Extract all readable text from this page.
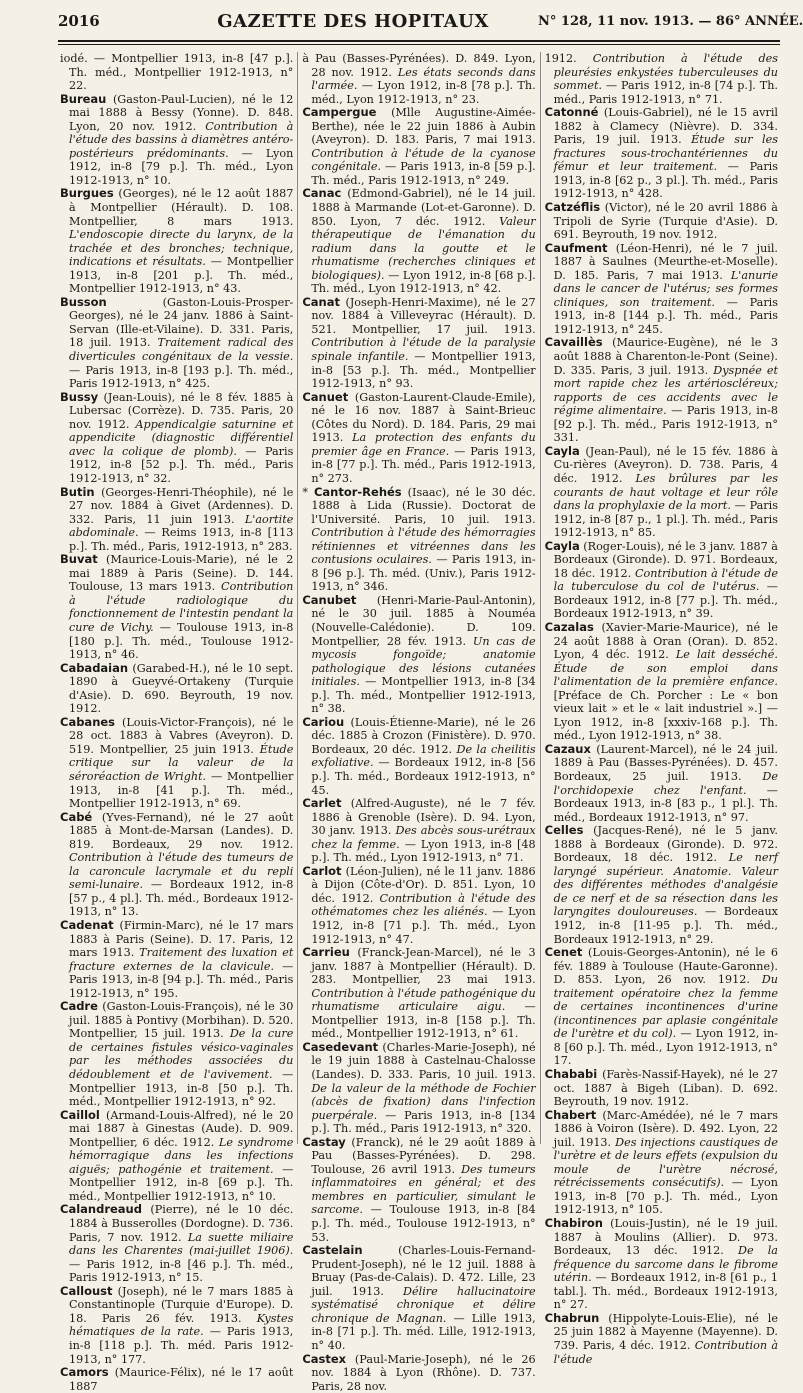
2016	GAZETTE DES HOPITAUX	N° 128, 11 nov. 1913. — 86° ANNÉE.

iodé. — Montpellier 1913, in-8 [47 p.]. Th. méd., Montpellier 1912-1913, n° 22.

Bureau (Gaston-Paul-Lucien), né le 12 mai 1888 à Bessy (Yonne). D. 848. Lyon, 20 nov. 1912. Contribution à l'étude des bassins à diamètres antéro-postérieurs prédominants. — Lyon 1912, in-8 [79 p.]. Th. méd., Lyon 1912-1913, n° 10.

Burgues (Georges), né le 12 août 1887 à Montpellier (Hérault). D. 108. Montpellier, 8 mars 1913. L'endoscopie directe du larynx, de la trachée et des bronches; technique, indications et résultats. — Montpellier 1913, in-8 [201 p.]. Th. méd., Montpellier 1912-1913, n° 43.

Busson (Gaston-Louis-Prosper-Georges), né le 24 janv. 1886 à Saint-Servan (Ille-et-Vilaine). D. 331. Paris, 18 juil. 1913. Traitement radical des diverticules congénitaux de la vessie. — Paris 1913, in-8 [193 p.]. Th. méd., Paris 1912-1913, n° 425.

Bussy (Jean-Louis), né le 8 fév. 1885 à Lubersac (Corrèze). D. 735. Paris, 20 nov. 1912. Appendicalgie saturnine et appendicite (diagnostic différentiel avec la colique de plomb). — Paris 1912, in-8 [52 p.]. Th. méd., Paris 1912-1913, n° 32.

Butin (Georges-Henri-Théophile), né le 27 nov. 1884 à Givet (Ardennes). D. 332. Paris, 11 juin 1913. L'aortite abdominale. — Reims 1913, in-8 [113 p.]. Th. méd., Paris, 1912-1913, n° 283.

Buvat (Maurice-Louis-Marie), né le 2 mai 1889 à Paris (Seine). D. 144. Toulouse, 13 mars 1913. Contribution à l'étude radiologique du fonctionnement de l'intestin pendant la cure de Vichy. — Toulouse 1913, in-8 [180 p.]. Th. méd., Toulouse 1912-1913, n° 46.

Cabadaian (Garabed-H.), né le 10 sept. 1890 à Gueyvé-Ortakeny (Turquie d'Asie). D. 690. Beyrouth, 19 nov. 1912.

Cabanes (Louis-Victor-François), né le 28 oct. 1883 à Vabres (Aveyron). D. 519. Montpellier, 25 juin 1913. Étude critique sur la valeur de la séroréaction de Wright. — Montpellier 1913, in-8 [41 p.]. Th. méd., Montpellier 1912-1913, n° 69.

Cabé (Yves-Fernand), né le 27 août 1885 à Mont-de-Marsan (Landes). D. 819. Bordeaux, 29 nov. 1912. Contribution à l'étude des tumeurs de la caroncule lacrymale et du repli semi-lunaire. — Bordeaux 1912, in-8 [57 p., 4 pl.]. Th. méd., Bordeaux 1912-1913, n° 13.

Cadenat (Firmin-Marc), né le 17 mars 1883 à Paris (Seine). D. 17. Paris, 12 mars 1913. Traitement des luxation et fracture externes de la clavicule. — Paris 1913, in-8 [94 p.]. Th. méd., Paris 1912-1913, n° 195.

Cadre (Gaston-Louis-François), né le 30 juil. 1885 à Pontivy (Morbihan). D. 520. Montpellier, 15 juil. 1913. De la cure de certaines fistules vésico-vaginales par les méthodes associées du dédoublement et de l'avivement. — Montpellier 1913, in-8 [50 p.]. Th. méd., Montpellier 1912-1913, n° 92.

Caillol (Armand-Louis-Alfred), né le 20 mai 1887 à Ginestas (Aude). D. 909. Montpellier, 6 déc. 1912. Le syndrome hémorragique dans les infections aiguës; pathogénie et traitement. — Montpellier 1912, in-8 [69 p.]. Th. méd., Montpellier 1912-1913, n° 10.

Calandreaud (Pierre), né le 10 déc. 1884 à Busserolles (Dordogne). D. 736. Paris, 7 nov. 1912. La suette miliaire dans les Charentes (mai-juillet 1906). — Paris 1912, in-8 [46 p.]. Th. méd., Paris 1912-1913, n° 15.

Calloust (Joseph), né le 7 mars 1885 à Constantinople (Turquie d'Europe). D. 18. Paris 26 fév. 1913. Kystes hématiques de la rate. — Paris 1913, in-8 [118 p.]. Th. méd. Paris 1912-1913, n° 177.

Camors (Maurice-Félix), né le 17 août 1887

à Pau (Basses-Pyrénées). D. 849. Lyon, 28 nov. 1912. Les états seconds dans l'armée. — Lyon 1912, in-8 [78 p.]. Th. méd., Lyon 1912-1913, n° 23.

Campergue (Mlle Augustine-Aimée-Berthe), née le 22 juin 1886 à Aubin (Aveyron). D. 183. Paris, 7 mai 1913. Contribution à l'étude de la cyanose congénitale. — Paris 1913, in-8 [59 p.]. Th. méd., Paris 1912-1913, n° 249.

Canac (Edmond-Gabriel), né le 14 juil. 1888 à Marmande (Lot-et-Garonne). D. 850. Lyon, 7 déc. 1912. Valeur thérapeutique de l'émanation du radium dans la goutte et le rhumatisme (recherches cliniques et biologiques). — Lyon 1912, in-8 [68 p.]. Th. méd., Lyon 1912-1913, n° 42.

Canat (Joseph-Henri-Maxime), né le 27 nov. 1884 à Villeveyrac (Hérault). D. 521. Montpellier, 17 juil. 1913. Contribution à l'étude de la paralysie spinale infantile. — Montpellier 1913, in-8 [53 p.]. Th. méd., Montpellier 1912-1913, n° 93.

Canuet (Gaston-Laurent-Claude-Emile), né le 16 nov. 1887 à Saint-Brieuc (Côtes du Nord). D. 184. Paris, 29 mai 1913. La protection des enfants du premier âge en France. — Paris 1913, in-8 [77 p.]. Th. méd., Paris 1912-1913, n° 273.

* Cantor-Rehés (Isaac), né le 30 déc. 1888 à Lida (Russie). Doctorat de l'Université. Paris, 10 juil. 1913. Contribution à l'étude des hémorragies rétiniennes et vitréennes dans les contusions oculaires. — Paris 1913, in-8 [96 p.]. Th. méd. (Univ.), Paris 1912-1913, n° 346.

Canubet (Henri-Marie-Paul-Antonin), né le 30 juil. 1885 à Nouméa (Nouvelle-Calédonie). D. 109. Montpellier, 28 fév. 1913. Un cas de mycosis fongoïde; anatomie pathologique des lésions cutanées initiales. — Montpellier 1913, in-8 [34 p.]. Th. méd., Montpellier 1912-1913, n° 38.

Cariou (Louis-Étienne-Marie), né le 26 déc. 1885 à Crozon (Finistère). D. 970. Bordeaux, 20 déc. 1912. De la cheilitis exfoliative. — Bordeaux 1912, in-8 [56 p.]. Th. méd., Bordeaux 1912-1913, n° 45.

Carlet (Alfred-Auguste), né le 7 fév. 1886 à Grenoble (Isère). D. 94. Lyon, 30 janv. 1913. Des abcès sous-urétraux chez la femme. — Lyon 1913, in-8 [48 p.]. Th. méd., Lyon 1912-1913, n° 71.

Carlot (Léon-Julien), né le 11 janv. 1886 à Dijon (Côte-d'Or). D. 851. Lyon, 10 déc. 1912. Contribution à l'étude des othématomes chez les aliénés. — Lyon 1912, in-8 [71 p.]. Th. méd., Lyon 1912-1913, n° 47.

Carrieu (Franck-Jean-Marcel), né le 3 janv. 1887 à Montpellier (Hérault). D. 283. Montpellier, 23 mai 1913. Contribution à l'étude pathogénique du rhumatisme articulaire aigu. — Montpellier 1913, in-8 [158 p.]. Th. méd., Montpellier 1912-1913, n° 61.

Casedevant (Charles-Marie-Joseph), né le 19 juin 1888 à Castelnau-Chalosse (Landes). D. 333. Paris, 10 juil. 1913. De la valeur de la méthode de Fochier (abcès de fixation) dans l'infection puerpérale. — Paris 1913, in-8 [134 p.]. Th. méd., Paris 1912-1913, n° 320.

Castay (Franck), né le 29 août 1889 à Pau (Basses-Pyrénées). D. 298. Toulouse, 26 avril 1913. Des tumeurs inflammatoires en général; et des membres en particulier, simulant le sarcome. — Toulouse 1913, in-8 [84 p.]. Th. méd., Toulouse 1912-1913, n° 53.

Castelain (Charles-Louis-Fernand-Prudent-Joseph), né le 12 juil. 1888 à Bruay (Pas-de-Calais). D. 472. Lille, 23 juil. 1913. Délire hallucinatoire systématisé chronique et délire chronique de Magnan. — Lille 1913, in-8 [71 p.]. Th. méd. Lille, 1912-1913, n° 40.

Castex (Paul-Marie-Joseph), né le 26 nov. 1884 à Lyon (Rhône). D. 737. Paris, 28 nov.

1912. Contribution à l'étude des pleurésies enkystées tuberculeuses du sommet. — Paris 1912, in-8 [74 p.]. Th. méd., Paris 1912-1913, n° 71.

Catonné (Louis-Gabriel), né le 15 avril 1882 à Clamecy (Nièvre). D. 334. Paris, 19 juil. 1913. Étude sur les fractures sous-trochantériennes du fémur et leur traitement. — Paris 1913, in-8 [62 p., 3 pl.]. Th. méd., Paris 1912-1913, n° 428.

Catzéflis (Victor), né le 20 avril 1886 à Tripoli de Syrie (Turquie d'Asie). D. 691. Beyrouth, 19 nov. 1912.

Caufment (Léon-Henri), né le 7 juil. 1887 à Saulnes (Meurthe-et-Moselle). D. 185. Paris, 7 mai 1913. L'anurie dans le cancer de l'utérus; ses formes cliniques, son traitement. — Paris 1913, in-8 [144 p.]. Th. méd., Paris 1912-1913, n° 245.

Cavaillès (Maurice-Eugène), né le 3 août 1888 à Charenton-le-Pont (Seine). D. 335. Paris, 3 juil. 1913. Dyspnée et mort rapide chez les artérioscléreux; rapports de ces accidents avec le régime alimentaire. — Paris 1913, in-8 [92 p.]. Th. méd., Paris 1912-1913, n° 331.

Cayla (Jean-Paul), né le 15 fév. 1886 à Cu-rières (Aveyron). D. 738. Paris, 4 déc. 1912. Les brûlures par les courants de haut voltage et leur rôle dans la prophylaxie de la mort. — Paris 1912, in-8 [87 p., 1 pl.]. Th. méd., Paris 1912-1913, n° 85.

Cayla (Roger-Louis), né le 3 janv. 1887 à Bordeaux (Gironde). D. 971. Bordeaux, 18 déc. 1912. Contribution à l'étude de la tuberculose du col de l'utérus. — Bordeaux 1912, in-8 [77 p.]. Th. méd., Bordeaux 1912-1913, n° 39.

Cazalas (Xavier-Marie-Maurice), né le 24 août 1888 à Oran (Oran). D. 852. Lyon, 4 déc. 1912. Le lait desséché. Étude de son emploi dans l'alimentation de la première enfance. [Préface de Ch. Porcher : Le « bon vieux lait » et le « lait industriel ».] — Lyon 1912, in-8 [xxxiv-168 p.]. Th. méd., Lyon 1912-1913, n° 38.

Cazaux (Laurent-Marcel), né le 24 juil. 1889 à Pau (Basses-Pyrénées). D. 457. Bordeaux, 25 juil. 1913. De l'orchidopexie chez l'enfant. — Bordeaux 1913, in-8 [83 p., 1 pl.]. Th. méd., Bordeaux 1912-1913, n° 97.

Celles (Jacques-René), né le 5 janv. 1888 à Bordeaux (Gironde). D. 972. Bordeaux, 18 déc. 1912. Le nerf laryngé supérieur. Anatomie. Valeur des différentes méthodes d'analgésie de ce nerf et de sa résection dans les laryngites douloureuses. — Bordeaux 1912, in-8 [11-95 p.]. Th. méd., Bordeaux 1912-1913, n° 29.

Cenet (Louis-Georges-Antonin), né le 6 fév. 1889 à Toulouse (Haute-Garonne). D. 853. Lyon, 26 nov. 1912. Du traitement opératoire chez la femme de certaines incontinences d'urine (incontinences par aplasie congénitale de l'urètre et du col). — Lyon 1912, in-8 [60 p.]. Th. méd., Lyon 1912-1913, n° 17.

Chababi (Farès-Nassif-Hayek), né le 27 oct. 1887 à Bigeh (Liban). D. 692. Beyrouth, 19 nov. 1912.

Chabert (Marc-Amédée), né le 7 mars 1886 à Voiron (Isère). D. 492. Lyon, 22 juil. 1913. Des injections caustiques de l'urètre et de leurs effets (expulsion du moule de l'urètre nécrosé, rétrécissements consécutifs). — Lyon 1913, in-8 [70 p.]. Th. méd., Lyon 1912-1913, n° 105.

Chabiron (Louis-Justin), né le 19 juil. 1887 à Moulins (Allier). D. 973. Bordeaux, 13 déc. 1912. De la fréquence du sarcome dans le fibrome utérin. — Bordeaux 1912, in-8 [61 p., 1 tabl.]. Th. méd., Bordeaux 1912-1913, n° 27.

Chabrun (Hippolyte-Louis-Elie), né le 25 juin 1882 à Mayenne (Mayenne). D. 739. Paris, 4 déc. 1912. Contribution à l'étude
